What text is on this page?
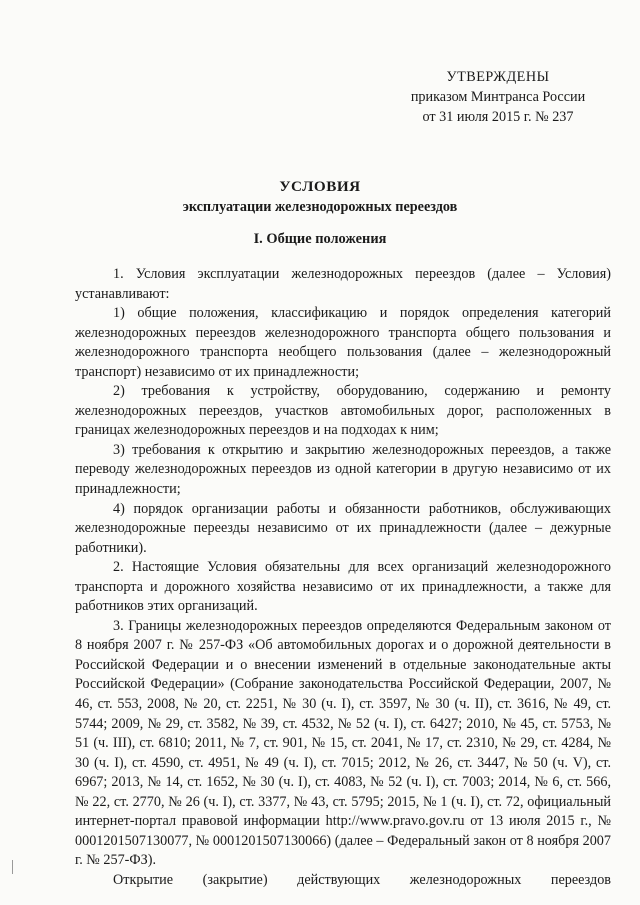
УТВЕРЖДЕНЫ
приказом Минтранса России
от 31 июля 2015 г. № 237
УСЛОВИЯ
эксплуатации железнодорожных переездов
I. Общие положения

1. Условия эксплуатации железнодорожных переездов (далее – Условия) устанавливают:

1) общие положения, классификацию и порядок определения категорий железнодорожных переездов железнодорожного транспорта общего пользования и железнодорожного транспорта необщего пользования (далее – железнодорожный транспорт) независимо от их принадлежности;

2) требования к устройству, оборудованию, содержанию и ремонту железнодорожных переездов, участков автомобильных дорог, расположенных в границах железнодорожных переездов и на подходах к ним;

3) требования к открытию и закрытию железнодорожных переездов, а также переводу железнодорожных переездов из одной категории в другую независимо от их принадлежности;

4) порядок организации работы и обязанности работников, обслуживающих железнодорожные переезды независимо от их принадлежности (далее – дежурные работники).

2. Настоящие Условия обязательны для всех организаций железнодорожного транспорта и дорожного хозяйства независимо от их принадлежности, а также для работников этих организаций.

3. Границы железнодорожных переездов определяются Федеральным законом от 8 ноября 2007 г. № 257-ФЗ «Об автомобильных дорогах и о дорожной деятельности в Российской Федерации и о внесении изменений в отдельные законодательные акты Российской Федерации» (Собрание законодательства Российской Федерации, 2007, № 46, ст. 553, 2008, № 20, ст. 2251, № 30 (ч. I), ст. 3597, № 30 (ч. II), ст. 3616, № 49, ст. 5744; 2009, № 29, ст. 3582, № 39, ст. 4532, № 52 (ч. I), ст. 6427; 2010, № 45, ст. 5753, № 51 (ч. III), ст. 6810; 2011, № 7, ст. 901, № 15, ст. 2041, № 17, ст. 2310, № 29, ст. 4284, № 30 (ч. I), ст. 4590, ст. 4951, № 49 (ч. I), ст. 7015; 2012, № 26, ст. 3447, № 50 (ч. V), ст. 6967; 2013, № 14, ст. 1652, № 30 (ч. I), ст. 4083, № 52 (ч. I), ст. 7003; 2014, № 6, ст. 566, № 22, ст. 2770, № 26 (ч. I), ст. 3377, № 43, ст. 5795; 2015, № 1 (ч. I), ст. 72, официальный интернет-портал правовой информации http://www.pravo.gov.ru от 13 июля 2015 г., № 0001201507130077, № 0001201507130066) (далее – Федеральный закон от 8 ноября 2007 г. № 257-ФЗ).

Открытие (закрытие) действующих железнодорожных переездов
